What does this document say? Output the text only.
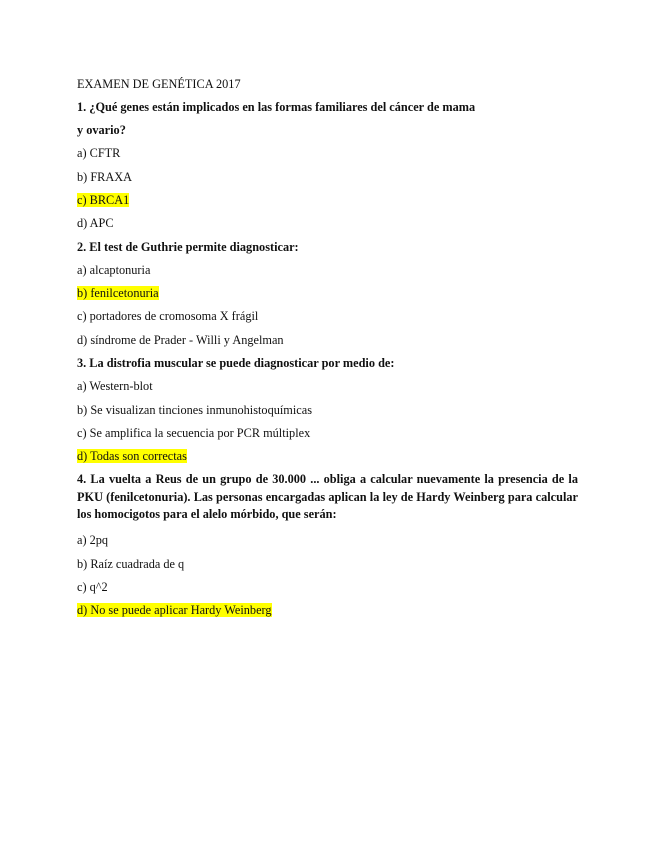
EXAMEN DE GENÉTICA 2017
1. ¿Qué genes están implicados en las formas familiares del cáncer de mama
y ovario?
a) CFTR
b) FRAXA
c) BRCA1
d) APC
2. El test de Guthrie permite diagnosticar:
a) alcaptonuria
b) fenilcetonuria
c) portadores de cromosoma X frágil
d) síndrome de Prader - Willi y Angelman
3. La distrofia muscular se puede diagnosticar por medio de:
a) Western-blot
b) Se visualizan tinciones inmunohistoquímicas
c) Se amplifica la secuencia por PCR múltiplex
d) Todas son correctas
4. La vuelta a Reus de un grupo de 30.000 ... obliga a calcular nuevamente la presencia de la PKU (fenilcetonuria). Las personas encargadas aplican la ley de Hardy Weinberg para calcular los homocigotos para el alelo mórbido, que serán:
a) 2pq
b) Raíz cuadrada de q
c) q^2
d) No se puede aplicar Hardy Weinberg
